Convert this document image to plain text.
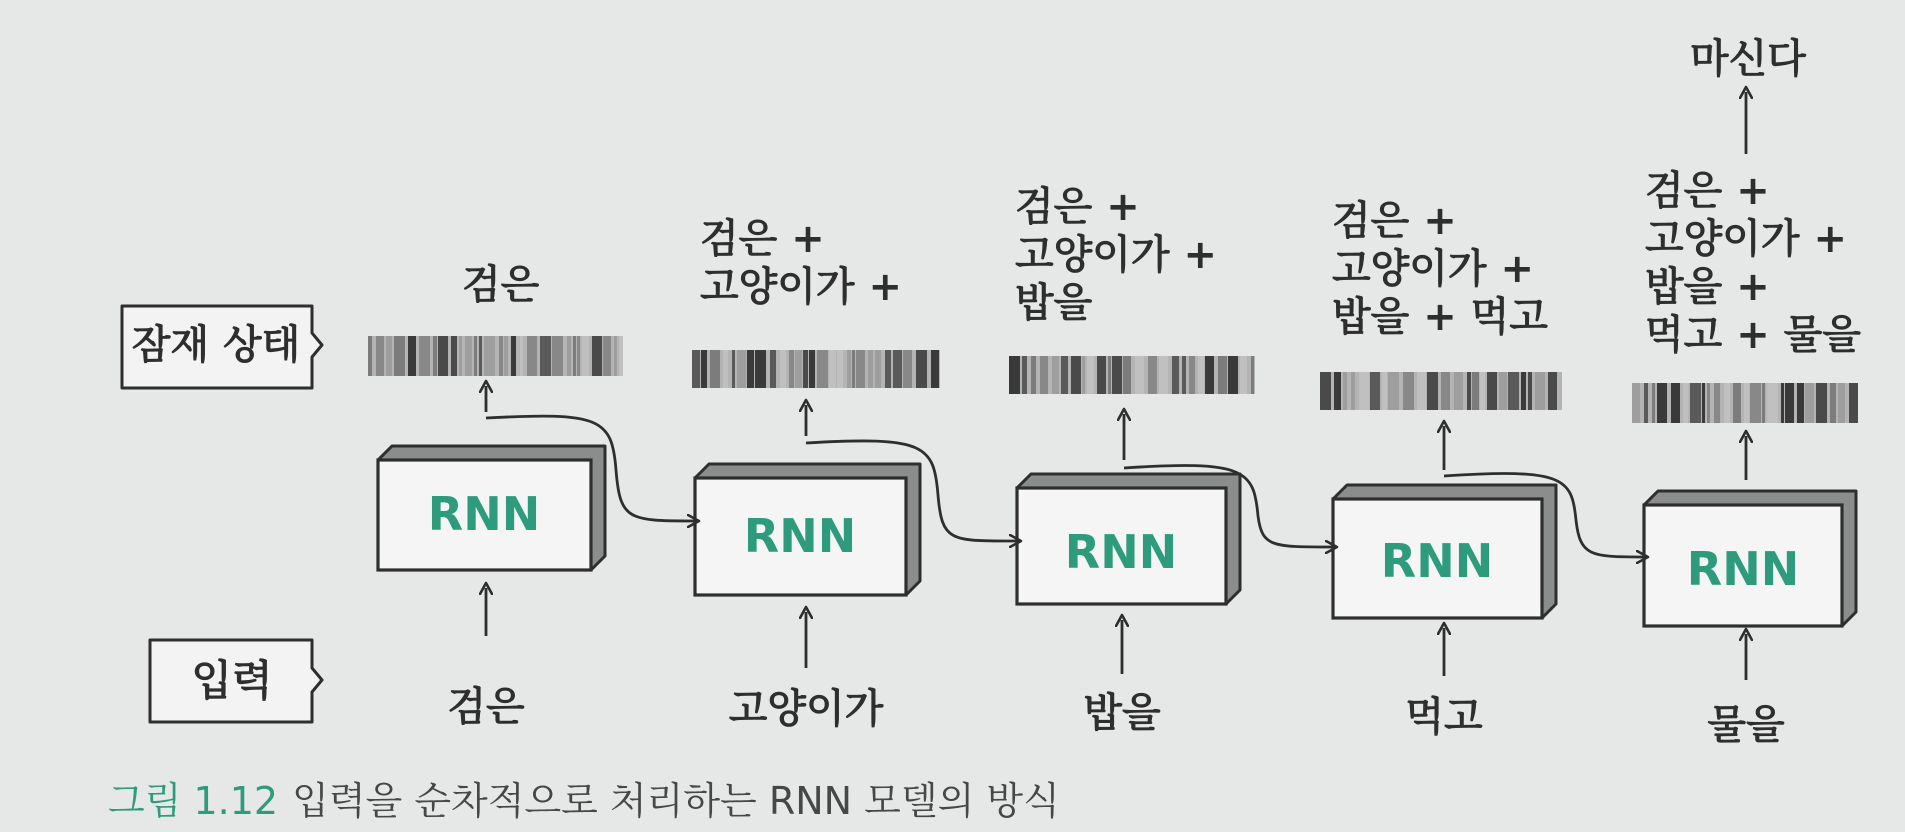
잠재 상태
입력
검은
RNN
검은
검은 +
고양이가 +
RNN
고양이가
검은 +
고양이가 +
밥을
RNN
밥을
검은 +
고양이가 +
밥을 + 먹고
RNN
먹고
검은 +
고양이가 +
밥을 +
먹고 + 물을
RNN
물을
마신다
그림 1.12 입력을 순차적으로 처리하는 RNN 모델의 방식
